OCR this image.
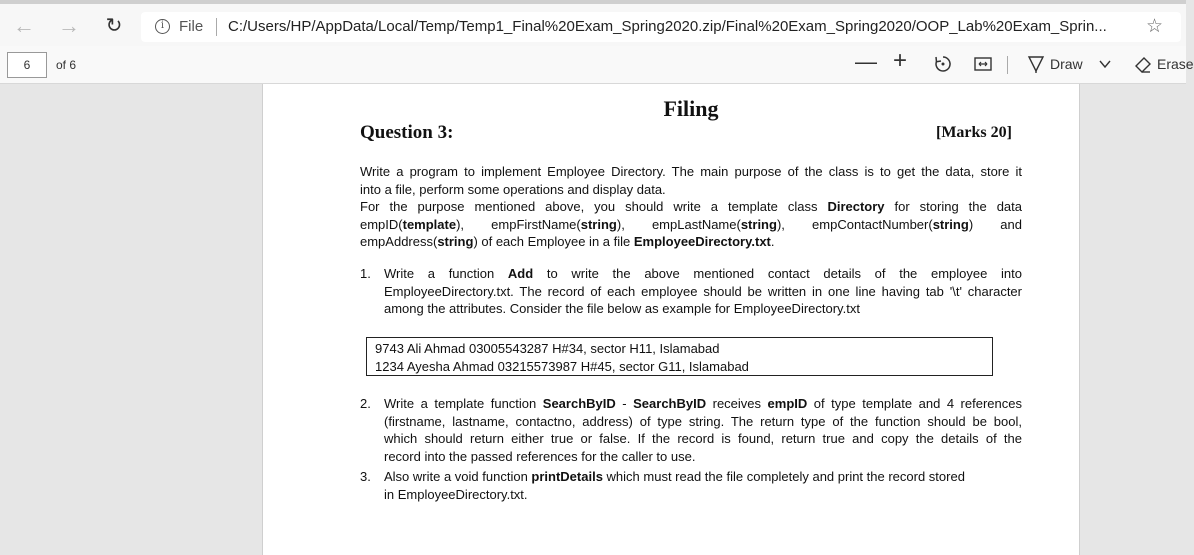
← → ↻	i File C:/Users/HP/AppData/Local/Temp/Temp1_Final%20Exam_Spring2020.zip/Final%20Exam_Spring2020/OOP_Lab%20Exam_Sprin... ☆
6	of 6	— +	Draw	Erase
Filing
Question 3:	[Marks 20]
Write a program to implement Employee Directory. The main purpose of the class is to get the data, store it
into a file, perform some operations and display data.
For the purpose mentioned above, you should write a template class Directory for storing the data
empID(template), empFirstName(string), empLastName(string), empContactNumber(string) and
empAddress(string) of each Employee in a file EmployeeDirectory.txt.
1. Write a function Add to write the above mentioned contact details of the employee into
EmployeeDirectory.txt. The record of each employee should be written in one line having tab '\t' character
among the attributes. Consider the file below as example for EmployeeDirectory.txt
9743 Ali Ahmad 03005543287 H#34, sector H11, Islamabad
1234 Ayesha Ahmad 03215573987 H#45, sector G11, Islamabad
2. Write a template function SearchByID - SearchByID receives empID of type template and 4 references
(firstname, lastname, contactno, address) of type string. The return type of the function should be bool,
which should return either true or false. If the record is found, return true and copy the details of the
record into the passed references for the caller to use.
3. Also write a void function printDetails which must read the file completely and print the record stored
in EmployeeDirectory.txt.
